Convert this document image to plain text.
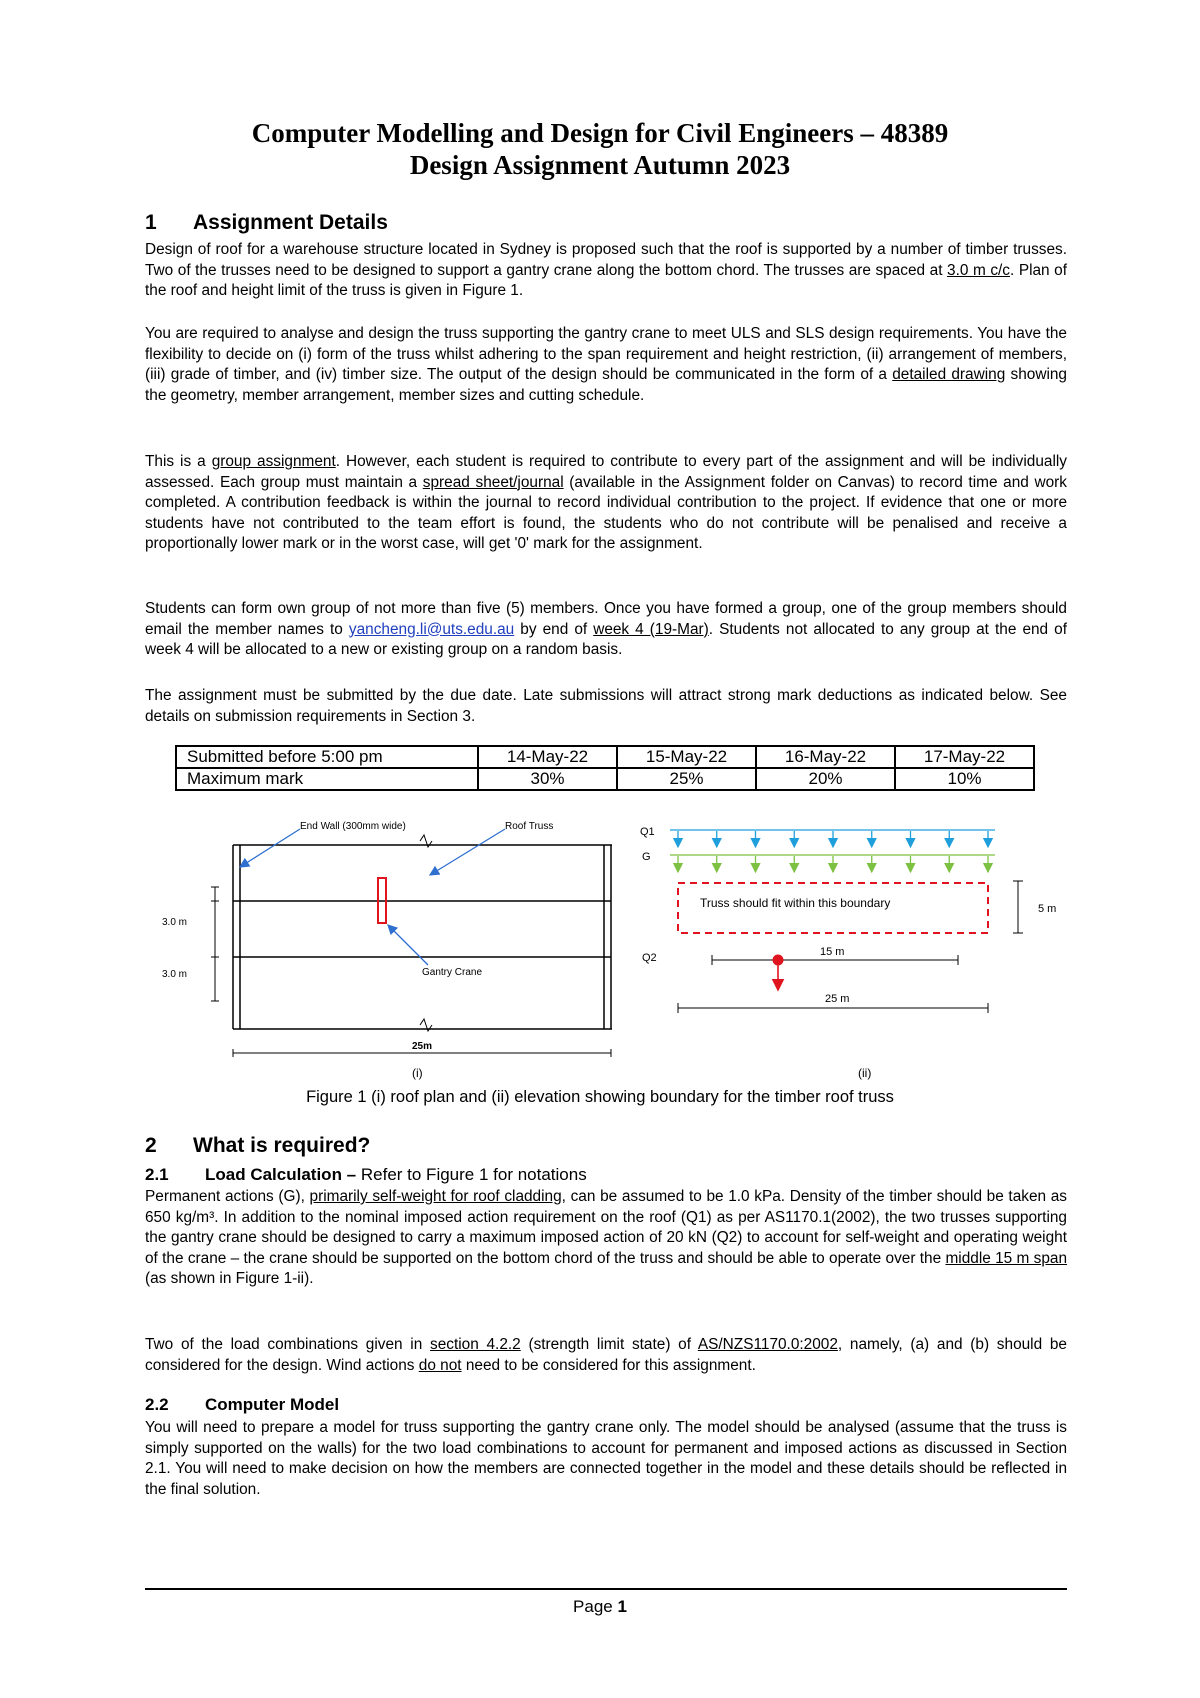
Computer Modelling and Design for Civil Engineers – 48389
Design Assignment Autumn 2023
1 Assignment Details

Design of roof for a warehouse structure located in Sydney is proposed such that the roof is supported by a number of timber trusses. Two of the trusses need to be designed to support a gantry crane along the bottom chord. The trusses are spaced at 3.0 m c/c. Plan of the roof and height limit of the truss is given in Figure 1.

You are required to analyse and design the truss supporting the gantry crane to meet ULS and SLS design requirements. You have the flexibility to decide on (i) form of the truss whilst adhering to the span requirement and height restriction, (ii) arrangement of members, (iii) grade of timber, and (iv) timber size. The output of the design should be communicated in the form of a detailed drawing showing the geometry, member arrangement, member sizes and cutting schedule.

This is a group assignment. However, each student is required to contribute to every part of the assignment and will be individually assessed. Each group must maintain a spread sheet/journal (available in the Assignment folder on Canvas) to record time and work completed. A contribution feedback is within the journal to record individual contribution to the project. If evidence that one or more students have not contributed to the team effort is found, the students who do not contribute will be penalised and receive a proportionally lower mark or in the worst case, will get '0' mark for the assignment.

Students can form own group of not more than five (5) members. Once you have formed a group, one of the group members should email the member names to yancheng.li@uts.edu.au by end of week 4 (19-Mar). Students not allocated to any group at the end of week 4 will be allocated to a new or existing group on a random basis.

The assignment must be submitted by the due date. Late submissions will attract strong mark deductions as indicated below. See details on submission requirements in Section 3.

Submitted before 5:00 pm	14-May-22	15-May-22	16-May-22	17-May-22
Maximum mark	30%	25%	20%	10%
3.0 m
3.0 m
25m
End Wall (300mm wide)	Roof Truss
Gantry Crane
(i)
Q1
G
Truss should fit within this boundary	5 m
Q2	15 m
25 m
(ii)
Figure 1 (i) roof plan and (ii) elevation showing boundary for the timber roof truss
2 What is required?
2.1 Load Calculation – Refer to Figure 1 for notations

Permanent actions (G), primarily self-weight for roof cladding, can be assumed to be 1.0 kPa. Density of the timber should be taken as 650 kg/m³. In addition to the nominal imposed action requirement on the roof (Q1) as per AS1170.1(2002), the two trusses supporting the gantry crane should be designed to carry a maximum imposed action of 20 kN (Q2) to account for self-weight and operating weight of the crane – the crane should be supported on the bottom chord of the truss and should be able to operate over the middle 15 m span (as shown in Figure 1-ii).

Two of the load combinations given in section 4.2.2 (strength limit state) of AS/NZS1170.0:2002, namely, (a) and (b) should be considered for the design. Wind actions do not need to be considered for this assignment.

2.2 Computer Model

You will need to prepare a model for truss supporting the gantry crane only. The model should be analysed (assume that the truss is simply supported on the walls) for the two load combinations to account for permanent and imposed actions as discussed in Section 2.1. You will need to make decision on how the members are connected together in the model and these details should be reflected in the final solution.

Page 1
